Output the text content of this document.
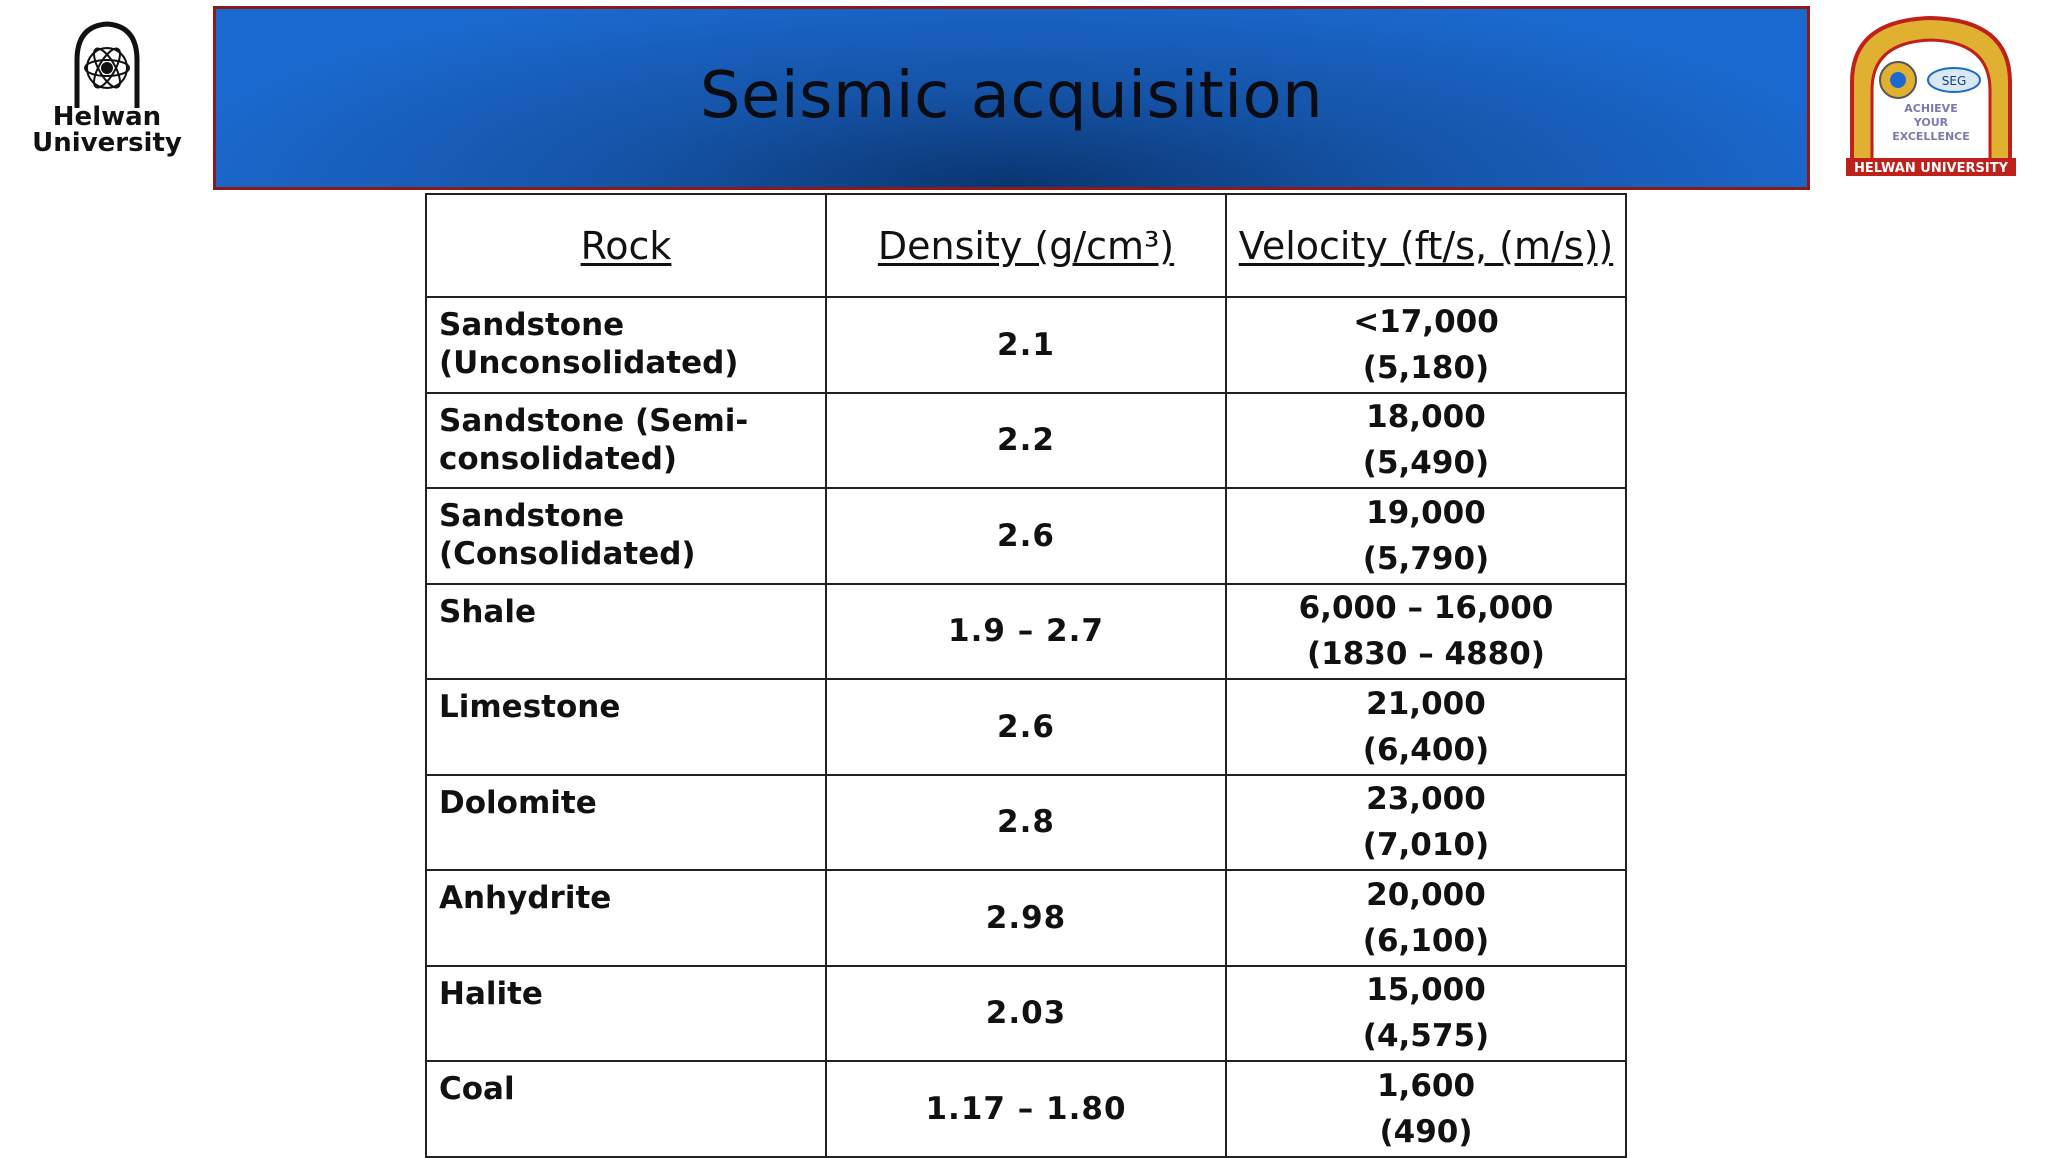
Helwan
University
Seismic acquisition	SEG
ACHIEVE
YOUR
EXCELLENCE
HELWAN UNIVERSITY
Rock	Density (g/cm³)	Velocity (ft/s, (m/s))
Sandstone (Unconsolidated)	2.1	<17,000
(5,180)

Sandstone (Semi-consolidated)	2.2	18,000
(5,490)

Sandstone (Consolidated)	2.6	19,000
(5,790)

Shale	1.9 – 2.7	6,000 – 16,000
(1830 – 4880)

Limestone	2.6	21,000
(6,400)

Dolomite	2.8	23,000
(7,010)

Anhydrite	2.98	20,000
(6,100)

Halite	2.03	15,000
(4,575)

Coal	1.17 – 1.80	1,600
(490)
